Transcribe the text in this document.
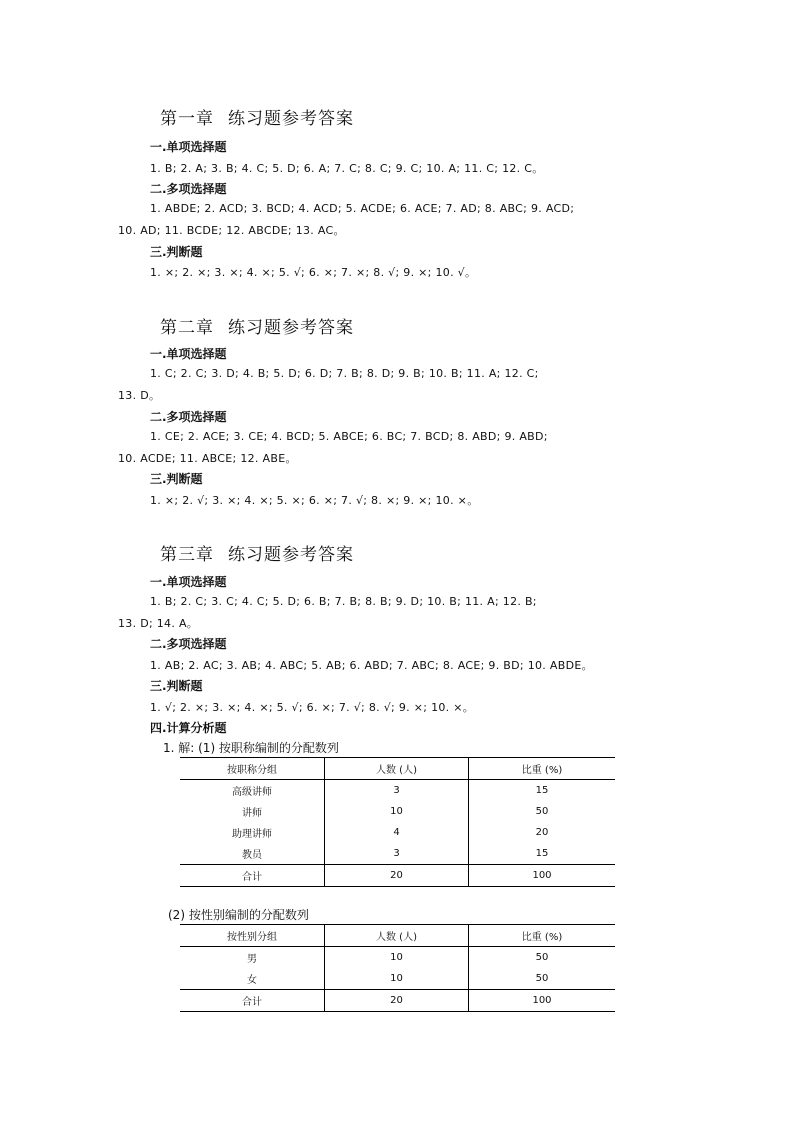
第一章 练习题参考答案
一.单项选择题
1. B; 2. A; 3. B; 4. C; 5. D; 6. A; 7. C; 8. C; 9. C; 10. A; 11. C; 12. C。
二.多项选择题
1. ABDE; 2. ACD; 3. BCD; 4. ACD; 5. ACDE; 6. ACE; 7. AD; 8. ABC; 9. ACD;
10. AD; 11. BCDE; 12. ABCDE; 13. AC。
三.判断题
1. ×; 2. ×; 3. ×; 4. ×; 5. √; 6. ×; 7. ×; 8. √; 9. ×; 10. √。
第二章 练习题参考答案
一.单项选择题
1. C; 2. C; 3. D; 4. B; 5. D; 6. D; 7. B; 8. D; 9. B; 10. B; 11. A; 12. C;
13. D。
二.多项选择题
1. CE; 2. ACE; 3. CE; 4. BCD; 5. ABCE; 6. BC; 7. BCD; 8. ABD; 9. ABD;
10. ACDE; 11. ABCE; 12. ABE。
三.判断题
1. ×; 2. √; 3. ×; 4. ×; 5. ×; 6. ×; 7. √; 8. ×; 9. ×; 10. ×。
第三章 练习题参考答案
一.单项选择题
1. B; 2. C; 3. C; 4. C; 5. D; 6. B; 7. B; 8. B; 9. D; 10. B; 11. A; 12. B;
13. D; 14. A。
二.多项选择题
1. AB; 2. AC; 3. AB; 4. ABC; 5. AB; 6. ABD; 7. ABC; 8. ACE; 9. BD; 10. ABDE。
三.判断题
1. √; 2. ×; 3. ×; 4. ×; 5. √; 6. ×; 7. √; 8. √; 9. ×; 10. ×。
四.计算分析题
1. 解: (1) 按职称编制的分配数列
按职称分组	人数 (人)	比重 (%)
高级讲师	3	15
讲师	10	50
助理讲师	4	20
教员	3	15
合计	20	100
(2) 按性别编制的分配数列
按性别分组	人数 (人)	比重 (%)
男	10	50
女	10	50
合计	20	100
